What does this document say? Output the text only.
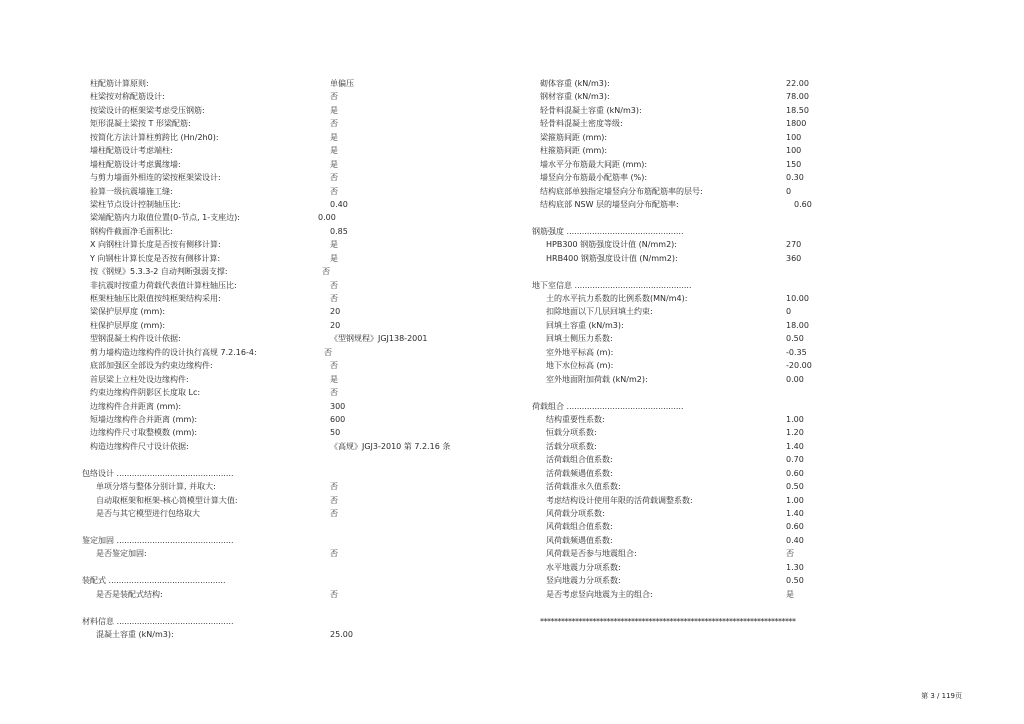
柱配筋计算原则:	单偏压
柱梁按对称配筋设计:	否
按梁设计的框架梁考虑受压钢筋:	是
矩形混凝土梁按 T 形梁配筋:	否
按简化方法计算柱剪跨比 (Hn/2h0):	是
墙柱配筋设计考虑端柱:	是
墙柱配筋设计考虑翼缘墙:	是
与剪力墙面外相连的梁按框架梁设计:	否
验算一级抗震墙施工缝:	否
梁柱节点设计控制轴压比:	0.40
梁端配筋内力取值位置(0-节点, 1-支座边):	0.00
钢构件截面净毛面积比:	0.85
X 向钢柱计算长度是否按有侧移计算:	是
Y 向钢柱计算长度是否按有侧移计算:	是
按《钢规》5.3.3-2 自动判断强弱支撑:	否
非抗震时按重力荷载代表值计算柱轴压比:	否
框架柱轴压比限值按纯框架结构采用:	否
梁保护层厚度 (mm):	20
柱保护层厚度 (mm):	20
型钢混凝土构件设计依据:	《型钢规程》JGJ138-2001
剪力墙构造边缘构件的设计执行高规 7.2.16-4:	否
底部加强区全部设为约束边缘构件:	否
首层梁上立柱处设边缘构件:	是
约束边缘构件阴影区长度取 Lc:	否
边缘构件合并距离 (mm):	300
短墙边缘构件合并距离 (mm):	600
边缘构件尺寸取整模数 (mm):	50
构造边缘构件尺寸设计依据:	《高规》JGJ3-2010 第 7.2.16 条
包络设计 ..............................................
单项分塔与整体分别计算, 并取大:	否
自动取框架和框架-核心筒模型计算大值:	否
是否与其它模型进行包络取大	否
鉴定加固 ..............................................
是否鉴定加固:	否
装配式 ..............................................
是否是装配式结构:	否
材料信息 ..............................................
混凝土容重 (kN/m3):	25.00
砌体容重 (kN/m3):	22.00
钢材容重 (kN/m3):	78.00
轻骨料混凝土容重 (kN/m3):	18.50
轻骨料混凝土密度等级:	1800
梁箍筋间距 (mm):	100
柱箍筋间距 (mm):	100
墙水平分布筋最大间距 (mm):	150
墙竖向分布筋最小配筋率 (%):	0.30
结构底部单独指定墙竖向分布筋配筋率的层号:	0
结构底部 NSW 层的墙竖向分布配筋率:	0.60
钢筋强度 ..............................................
HPB300 钢筋强度设计值 (N/mm2):	270
HRB400 钢筋强度设计值 (N/mm2):	360
地下室信息 ..............................................
土的水平抗力系数的比例系数(MN/m4):	10.00
扣除地面以下几层回填土约束:	0
回填土容重 (kN/m3):	18.00
回填土侧压力系数:	0.50
室外地平标高 (m):	-0.35
地下水位标高 (m):	-20.00
室外地面附加荷载 (kN/m2):	0.00
荷载组合 ..............................................
结构重要性系数:	1.00
恒载分项系数:	1.20
活载分项系数:	1.40
活荷载组合值系数:	0.70
活荷载频遇值系数:	0.60
活荷载准永久值系数:	0.50
考虑结构设计使用年限的活荷载调整系数:	1.00
风荷载分项系数:	1.40
风荷载组合值系数:	0.60
风荷载频遇值系数:	0.40
风荷载是否参与地震组合:	否
水平地震力分项系数:	1.30
竖向地震力分项系数:	0.50
是否考虑竖向地震为主的组合:	是
*************************************************************************
第 3 / 119页
